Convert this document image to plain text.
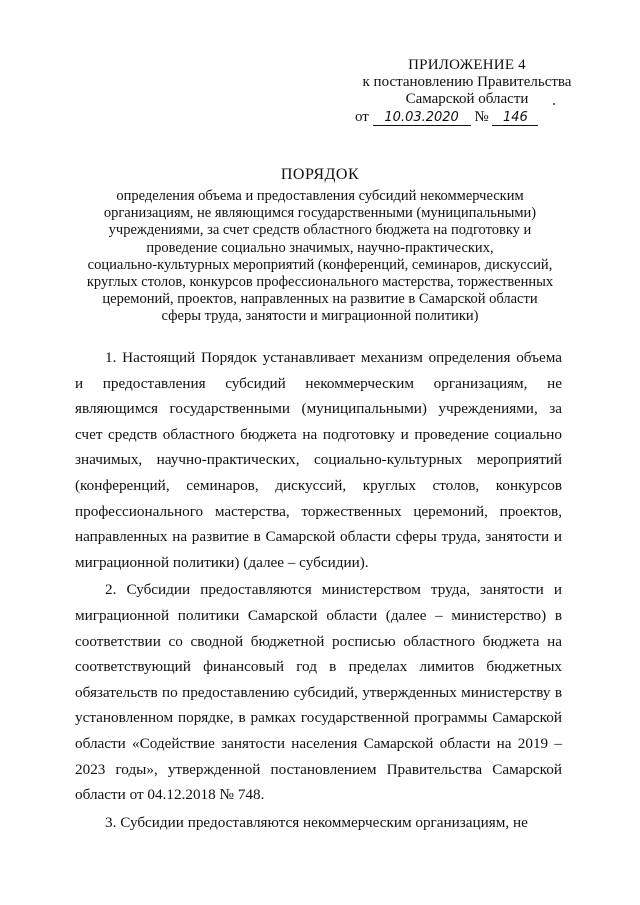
ПРИЛОЖЕНИЕ 4
к постановлению Правительства
Самарской области
от 10.03.2020 № 146
ПОРЯДОК
определения объема и предоставления субсидий некоммерческим
организациям, не являющимся государственными (муниципальными)
учреждениями, за счет средств областного бюджета на подготовку и
проведение социально значимых, научно-практических,
социально-культурных мероприятий (конференций, семинаров, дискуссий,
круглых столов, конкурсов профессионального мастерства, торжественных
церемоний, проектов, направленных на развитие в Самарской области
сферы труда, занятости и миграционной политики)

1. Настоящий Порядок устанавливает механизм определения объема и предоставления субсидий некоммерческим организациям, не являющимся государственными (муниципальными) учреждениями, за счет средств областного бюджета на подготовку и проведение социально значимых, научно-практических, социально-культурных мероприятий (конференций, семинаров, дискуссий, круглых столов, конкурсов профессионального мастерства, торжественных церемоний, проектов, направленных на развитие в Самарской области сферы труда, занятости и миграционной политики) (далее – субсидии).

2. Субсидии предоставляются министерством труда, занятости и миграционной политики Самарской области (далее – министерство) в соответствии со сводной бюджетной росписью областного бюджета на соответствующий финансовый год в пределах лимитов бюджетных обязательств по предоставлению субсидий, утвержденных министерству в установленном порядке, в рамках государственной программы Самарской области «Содействие занятости населения Самарской области на 2019 – 2023 годы», утвержденной постановлением Правительства Самарской области от 04.12.2018 № 748.

3. Субсидии предоставляются некоммерческим организациям, не
